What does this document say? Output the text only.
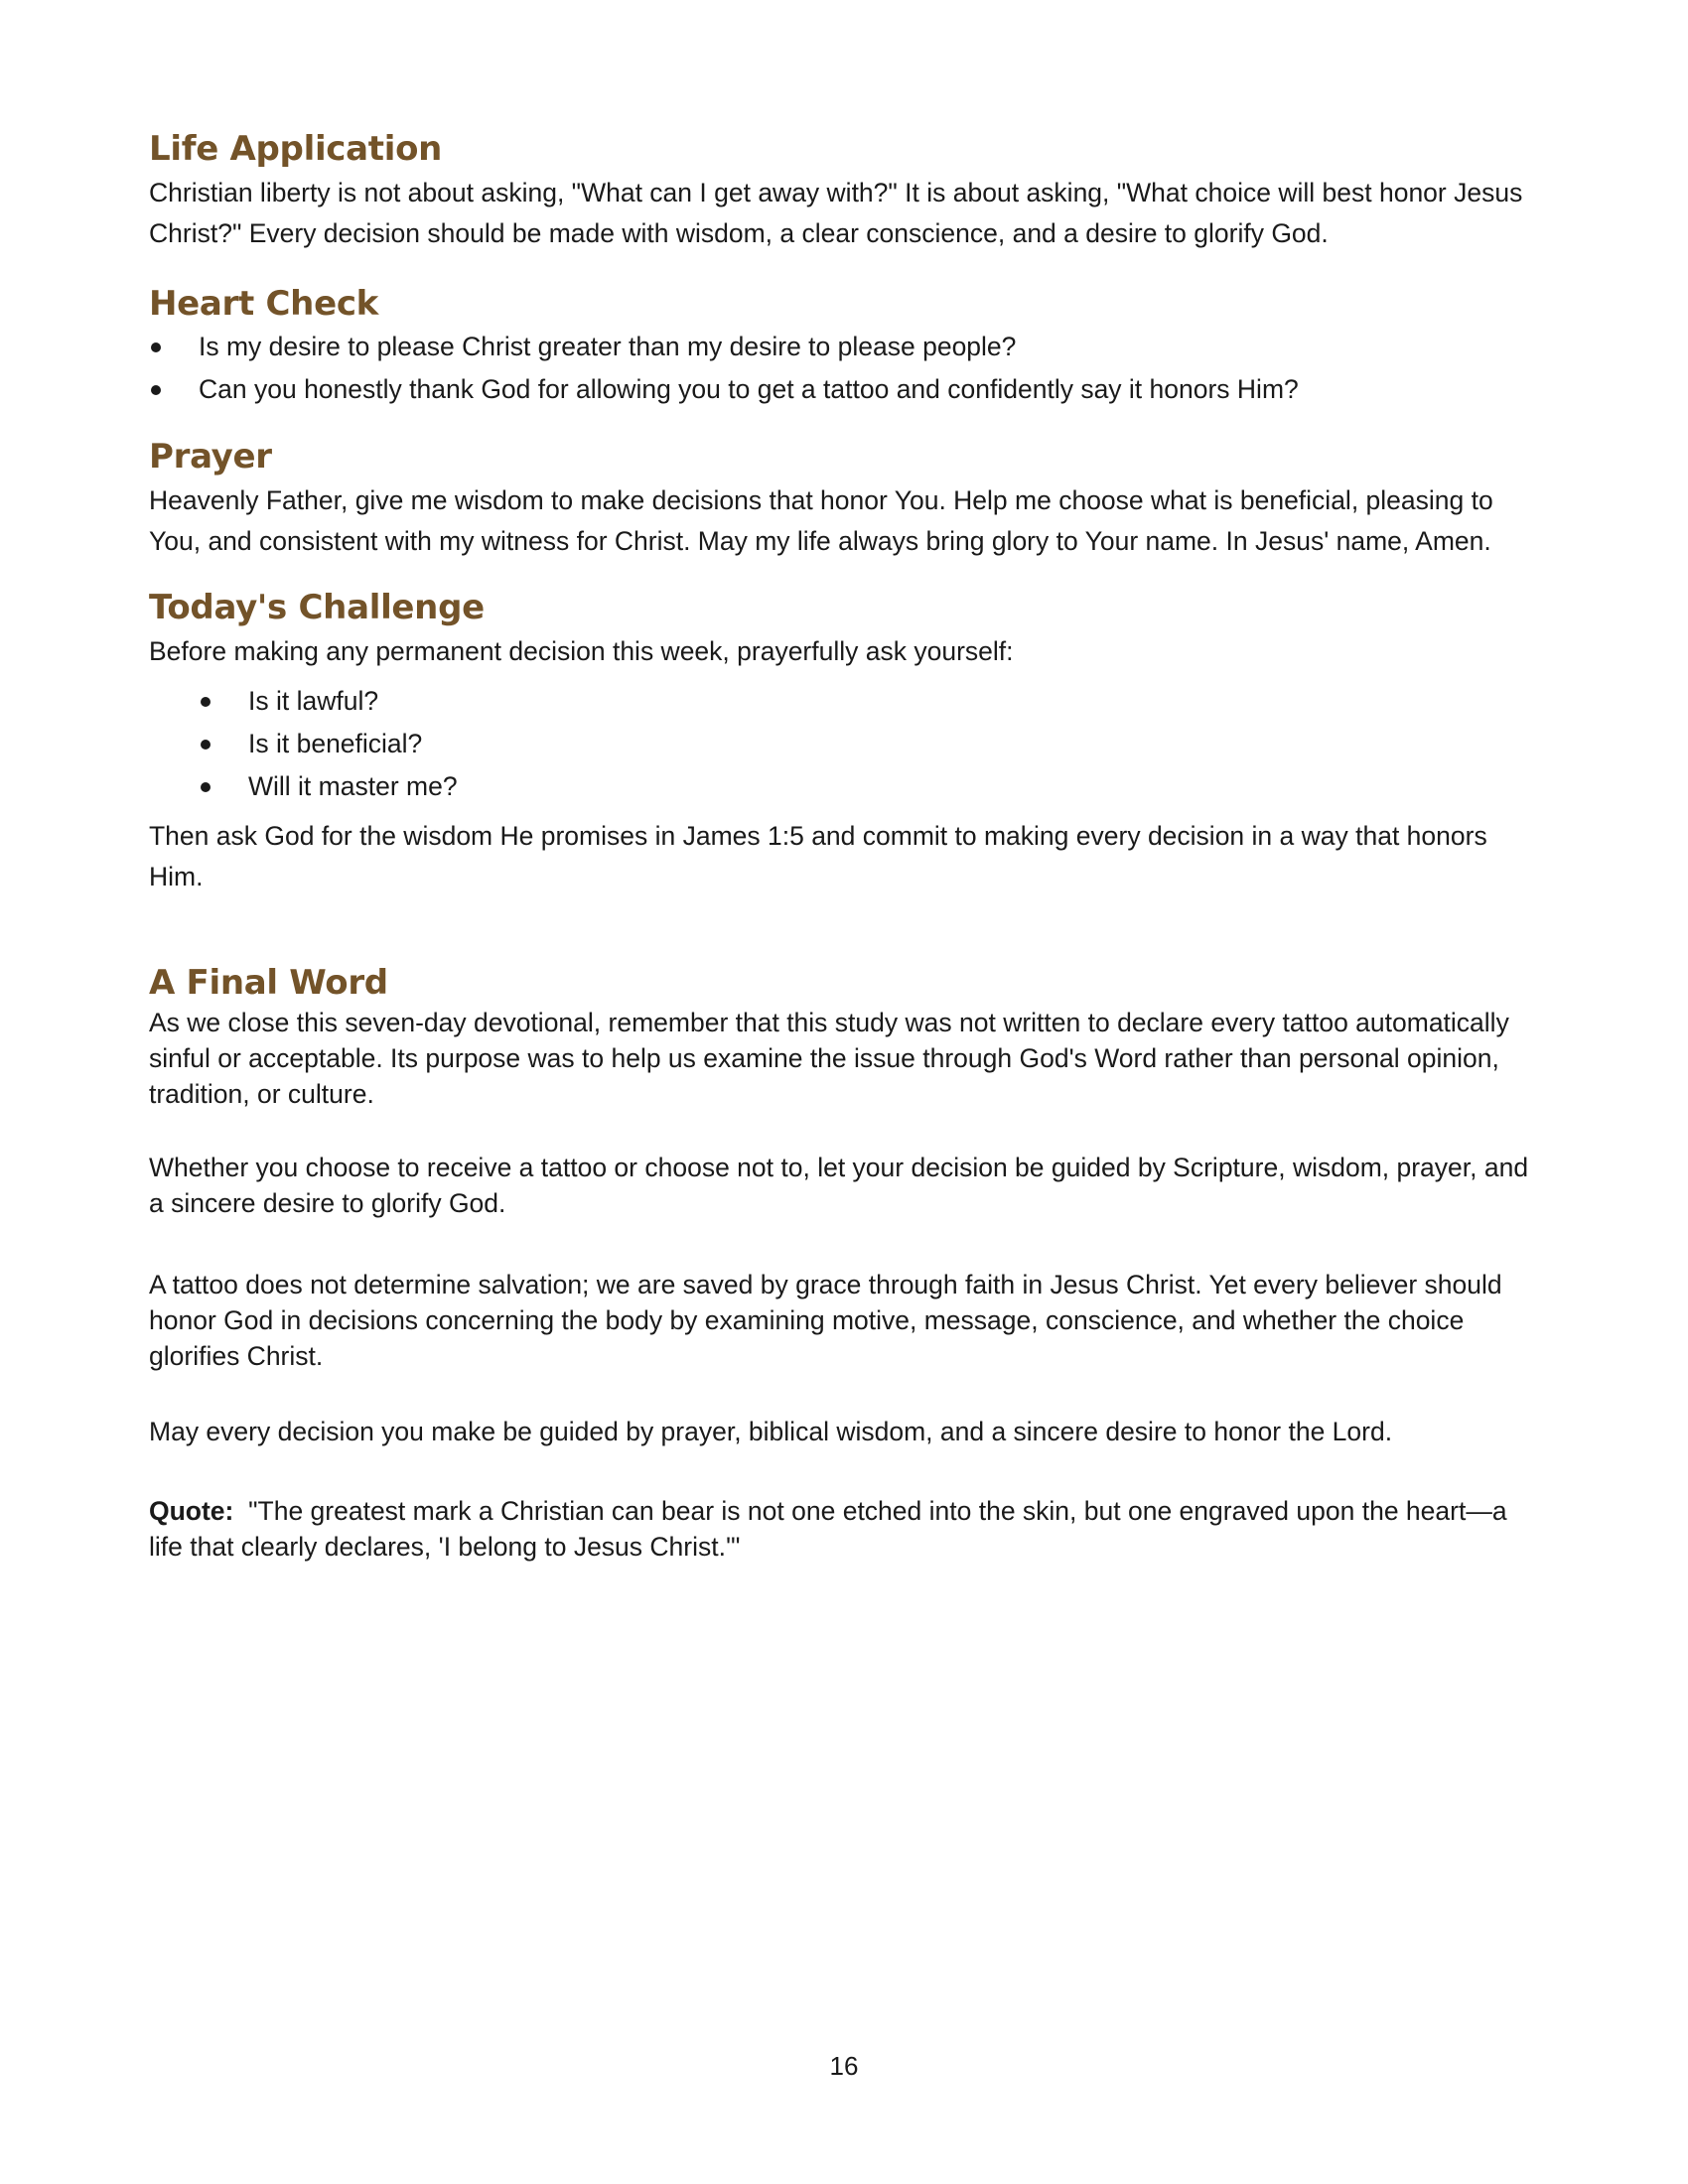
Life Application

Christian liberty is not about asking, "What can I get away with?" It is about asking, "What choice will best honor Jesus Christ?" Every decision should be made with wisdom, a clear conscience, and a desire to glorify God.

Heart Check
Is my desire to please Christ greater than my desire to please people?
Can you honestly thank God for allowing you to get a tattoo and confidently say it honors Him?
Prayer

Heavenly Father, give me wisdom to make decisions that honor You. Help me choose what is beneficial, pleasing to You, and consistent with my witness for Christ. May my life always bring glory to Your name. In Jesus' name, Amen.

Today's Challenge

Before making any permanent decision this week, prayerfully ask yourself:

Is it lawful?
Is it beneficial?
Will it master me?

Then ask God for the wisdom He promises in James 1:5 and commit to making every decision in a way that honors Him.

A Final Word

As we close this seven-day devotional, remember that this study was not written to declare every tattoo automatically sinful or acceptable. Its purpose was to help us examine the issue through God's Word rather than personal opinion, tradition, or culture.

Whether you choose to receive a tattoo or choose not to, let your decision be guided by Scripture, wisdom, prayer, and a sincere desire to glorify God.

A tattoo does not determine salvation; we are saved by grace through faith in Jesus Christ. Yet every believer should honor God in decisions concerning the body by examining motive, message, conscience, and whether the choice glorifies Christ.

May every decision you make be guided by prayer, biblical wisdom, and a sincere desire to honor the Lord.

Quote: "The greatest mark a Christian can bear is not one etched into the skin, but one engraved upon the heart—a life that clearly declares, 'I belong to Jesus Christ.'"

16
